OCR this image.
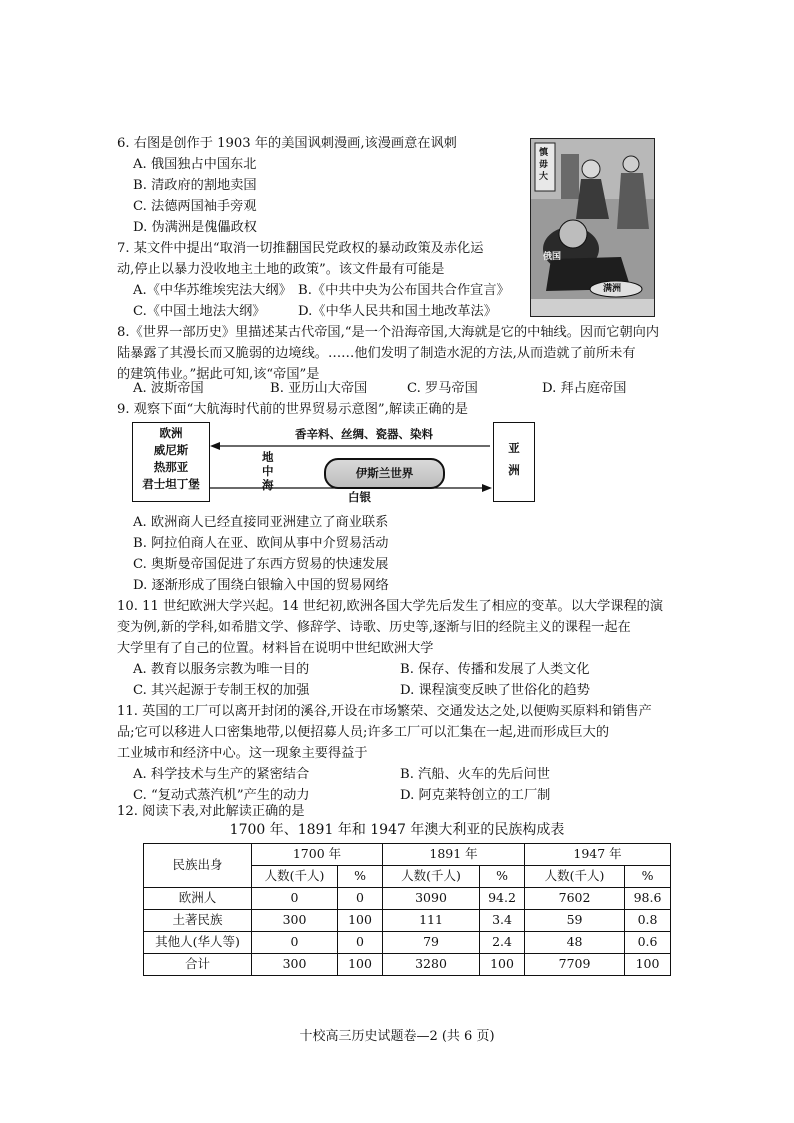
6. 右图是创作于 1903 年的美国讽刺漫画,该漫画意在讽刺
A. 俄国独占中国东北
B. 清政府的割地卖国
C. 法德两国袖手旁观
D. 伪满洲是傀儡政权
慎毋大
俄国
满洲
7. 某文件中提出“取消一切推翻国民党政权的暴动政策及赤化运
动,停止以暴力没收地主土地的政策”。该文件最有可能是
A.《中华苏维埃宪法大纲》 B.《中共中央为公布国共合作宣言》
C.《中国土地法大纲》 D.《中华人民共和国土地改革法》
8.《世界一部历史》里描述某古代帝国,“是一个沿海帝国,大海就是它的中轴线。因而它朝向内
陆暴露了其漫长而又脆弱的边境线。……他们发明了制造水泥的方法,从而造就了前所未有
的建筑伟业。”据此可知,该“帝国”是
A. 波斯帝国	B. 亚历山大帝国	C. 罗马帝国	D. 拜占庭帝国
9. 观察下面“大航海时代前的世界贸易示意图”,解读正确的是
欧洲
威尼斯
热那亚
君士坦丁堡
亚洲
香辛料、丝绸、瓷器、染料
白银
地中海
伊斯兰世界
A. 欧洲商人已经直接同亚洲建立了商业联系
B. 阿拉伯商人在亚、欧间从事中介贸易活动
C. 奥斯曼帝国促进了东西方贸易的快速发展
D. 逐渐形成了围绕白银输入中国的贸易网络
10. 11 世纪欧洲大学兴起。14 世纪初,欧洲各国大学先后发生了相应的变革。以大学课程的演
变为例,新的学科,如希腊文学、修辞学、诗歌、历史等,逐渐与旧的经院主义的课程一起在
大学里有了自己的位置。材料旨在说明中世纪欧洲大学
A. 教育以服务宗教为唯一目的	B. 保存、传播和发展了人类文化
C. 其兴起源于专制王权的加强	D. 课程演变反映了世俗化的趋势
11. 英国的工厂可以离开封闭的溪谷,开设在市场繁荣、交通发达之处,以便购买原料和销售产
品;它可以移进人口密集地带,以便招募人员;许多工厂可以汇集在一起,进而形成巨大的
工业城市和经济中心。这一现象主要得益于
A. 科学技术与生产的紧密结合	B. 汽船、火车的先后问世
C. “复动式蒸汽机”产生的动力	D. 阿克莱特创立的工厂制
12. 阅读下表,对此解读正确的是
1700 年、1891 年和 1947 年澳大利亚的民族构成表
民族出身	1700 年		1891 年		1947 年	
	人数(千人)	%	人数(千人)	%	人数(千人)	%
欧洲人	0	0	3090	94.2	7602	98.6
土著民族	300	100	111	3.4	59	0.8
其他人(华人等)	0	0	79	2.4	48	0.6
合计	300	100	3280	100	7709	100
十校高三历史试题卷—2 (共 6 页)
